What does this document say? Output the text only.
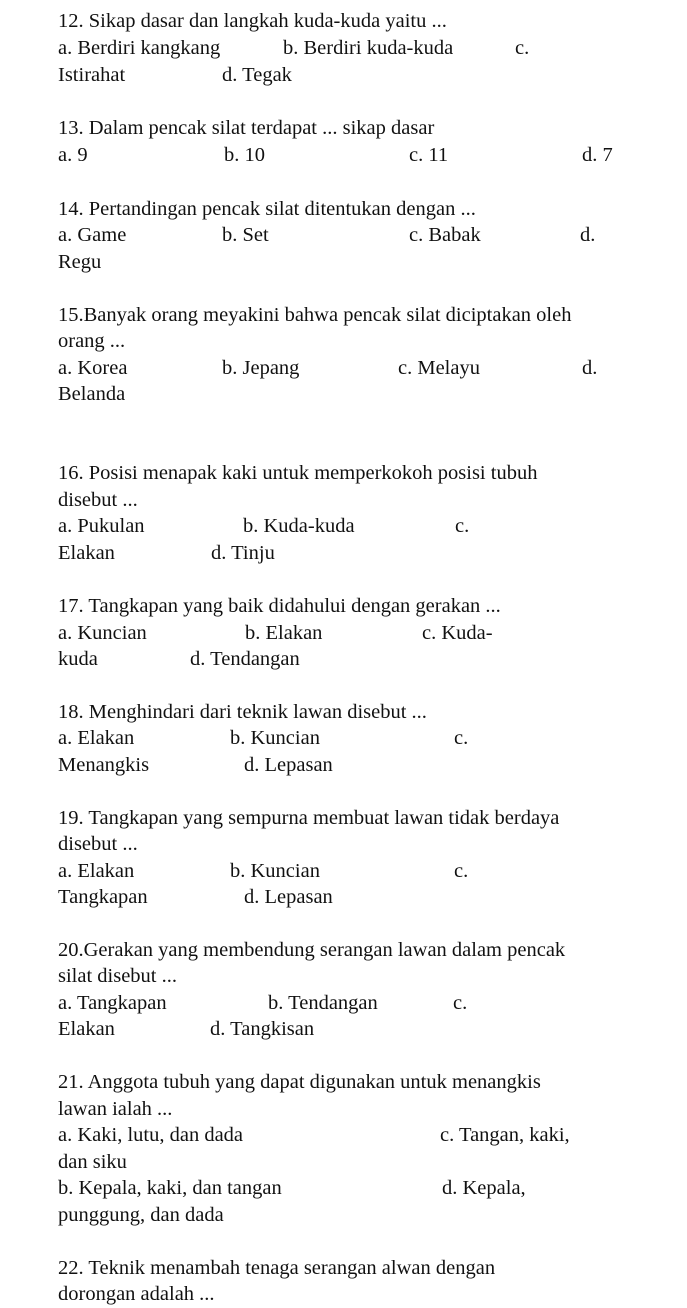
12. Sikap dasar dan langkah kuda-kuda yaitu ...
a. Berdiri kangkang	b. Berdiri kuda-kuda	c.
Istirahat	d. Tegak
13. Dalam pencak silat terdapat ... sikap dasar
a. 9	b. 10	c. 11	d. 7
14. Pertandingan pencak silat ditentukan dengan ...
a. Game	b. Set	c. Babak	d.
Regu
15.Banyak orang meyakini bahwa pencak silat diciptakan oleh
orang ...
a. Korea	b. Jepang	c. Melayu	d.
Belanda
16. Posisi menapak kaki untuk memperkokoh posisi tubuh
disebut ...
a. Pukulan	b. Kuda-kuda	c.
Elakan	d. Tinju
17. Tangkapan yang baik didahului dengan gerakan ...
a. Kuncian	b. Elakan	c. Kuda-
kuda	d. Tendangan
18. Menghindari dari teknik lawan disebut ...
a. Elakan	b. Kuncian	c.
Menangkis	d. Lepasan
19. Tangkapan yang sempurna membuat lawan tidak berdaya
disebut ...
a. Elakan	b. Kuncian	c.
Tangkapan	d. Lepasan
20.Gerakan yang membendung serangan lawan dalam pencak
silat disebut ...
a. Tangkapan	b. Tendangan	c.
Elakan	d. Tangkisan
21. Anggota tubuh yang dapat digunakan untuk menangkis
lawan ialah ...
a. Kaki, lutu, dan dada	c. Tangan, kaki,
dan siku
b. Kepala, kaki, dan tangan	d. Kepala,
punggung, dan dada
22. Teknik menambah tenaga serangan alwan dengan
dorongan adalah ...
